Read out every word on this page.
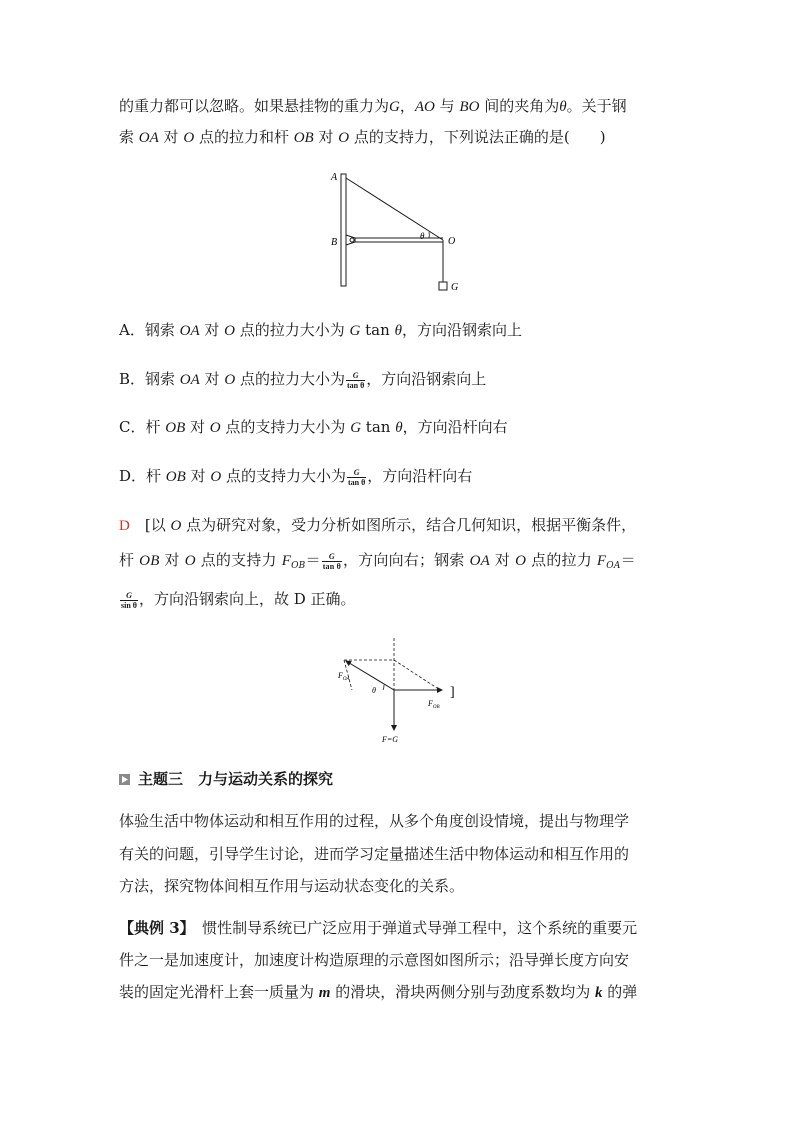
的重力都可以忽略。如果悬挂物的重力为G，AO 与 BO 间的夹角为θ。关于钢
索 OA 对 O 点的拉力和杆 OB 对 O 点的支持力，下列说法正确的是(　　)
A
B	O
G
θ
A．钢索 OA 对 O 点的拉力大小为 G tan θ，方向沿钢索向上
B．钢索 OA 对 O 点的拉力大小为 $\frac{G}{\text{tan θ}}$ ，方向沿钢索向上
C．杆 OB 对 O 点的支持力大小为 G tan θ，方向沿杆向右
D．杆 OB 对 O 点的支持力大小为 $\frac{G}{\text{tan θ}}$ ，方向沿杆向右
D　[以 O 点为研究对象，受力分析如图所示，结合几何知识，根据平衡条件，
杆 OB 对 O 点的支持力 $F_{OB}= \frac{G}{\text{tan θ}}$ ，方向向右；钢索 OA 对 O 点的拉力 $F_{OA}=$
$\frac{G}{\text{sin θ}}$ ，方向沿钢索向上，故 D 正确。
$F_{OA}$
θ
$F_{OB}$
F=G
]
主题三　力与运动关系的探究
体验生活中物体运动和相互作用的过程，从多个角度创设情境，提出与物理学
有关的问题，引导学生讨论，进而学习定量描述生活中物体运动和相互作用的
方法，探究物体间相互作用与运动状态变化的关系。
【典例 3】　惯性制导系统已广泛应用于弹道式导弹工程中，这个系统的重要元
件之一是加速度计，加速度计构造原理的示意图如图所示；沿导弹长度方向安
装的固定光滑杆上套一质量为 m 的滑块，滑块两侧分别与劲度系数均为 k 的弹
